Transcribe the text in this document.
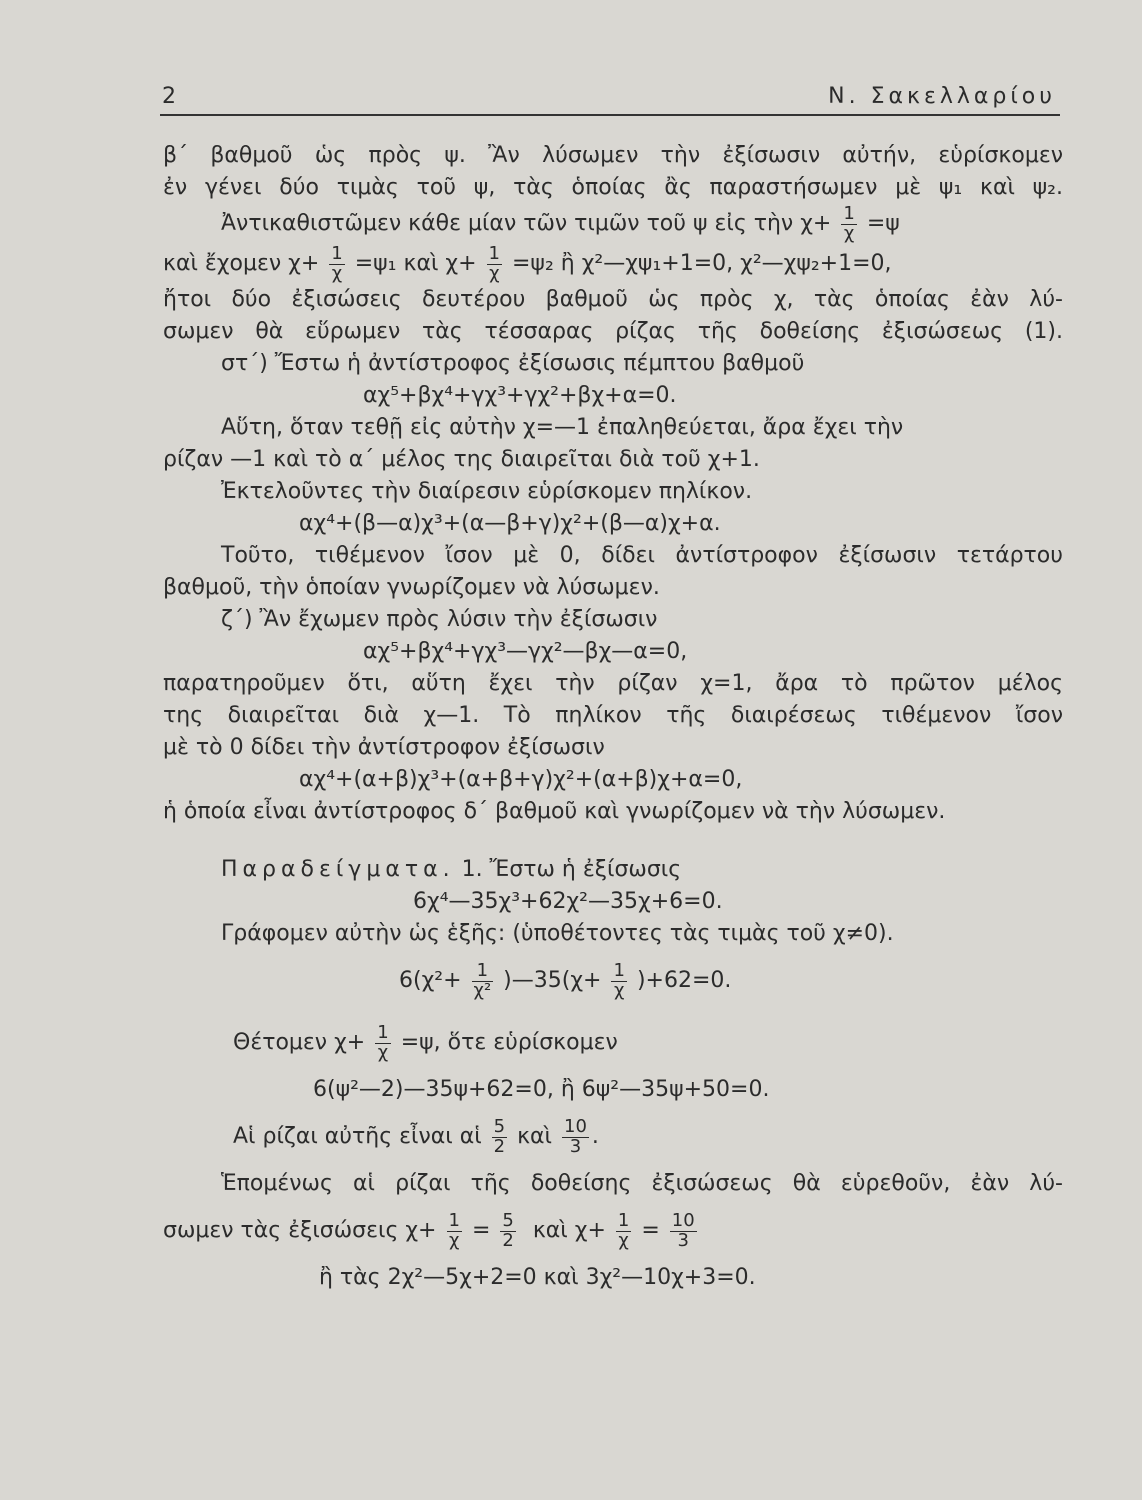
2	Ν. Σακελλαρίου
β΄ βαθμοῦ ὡς πρὸς ψ. Ἂν λύσωμεν τὴν ἐξίσωσιν αὐτήν, εὑρίσκομεν
ἐν γένει δύο τιμὰς τοῦ ψ, τὰς ὁποίας ἂς παραστήσωμεν μὲ ψ₁ καὶ ψ₂.
Ἀντικαθιστῶμεν κάθε μίαν τῶν τιμῶν τοῦ ψ εἰς τὴν $\chi+ \frac{1}{\chi} =\psi$
καὶ ἔχομεν $\chi+ \frac{1}{\chi} =\psi_1$ καὶ $\chi+ \frac{1}{\chi} =\psi_2$ ἢ χ²—χψ₁+1=0, χ²—χψ₂+1=0,
ἤτοι δύο ἐξισώσεις δευτέρου βαθμοῦ ὡς πρὸς χ, τὰς ὁποίας ἐὰν λύ-
σωμεν θὰ εὕρωμεν τὰς τέσσαρας ρίζας τῆς δοθείσης ἐξισώσεως (1).
στ΄) Ἔστω ἡ ἀντίστροφος ἐξίσωσις πέμπτου βαθμοῦ
αχ⁵+βχ⁴+γχ³+γχ²+βχ+α=0.
Αὕτη, ὅταν τεθῇ εἰς αὐτὴν χ=—1 ἐπαληθεύεται, ἄρα ἔχει τὴν
ρίζαν —1 καὶ τὸ α΄ μέλος της διαιρεῖται διὰ τοῦ χ+1.
Ἐκτελοῦντες τὴν διαίρεσιν εὑρίσκομεν πηλίκον.
αχ⁴+(β—α)χ³+(α—β+γ)χ²+(β—α)χ+α.
Τοῦτο, τιθέμενον ἴσον μὲ 0, δίδει ἀντίστροφον ἐξίσωσιν τετάρτου
βαθμοῦ, τὴν ὁποίαν γνωρίζομεν νὰ λύσωμεν.
ζ΄) Ἂν ἔχωμεν πρὸς λύσιν τὴν ἐξίσωσιν
αχ⁵+βχ⁴+γχ³—γχ²—βχ—α=0,
παρατηροῦμεν ὅτι, αὕτη ἔχει τὴν ρίζαν χ=1, ἄρα τὸ πρῶτον μέλος
της διαιρεῖται διὰ χ—1. Τὸ πηλίκον τῆς διαιρέσεως τιθέμενον ἴσον
μὲ τὸ 0 δίδει τὴν ἀντίστροφον ἐξίσωσιν
αχ⁴+(α+β)χ³+(α+β+γ)χ²+(α+β)χ+α=0,
ἡ ὁποία εἶναι ἀντίστροφος δ΄ βαθμοῦ καὶ γνωρίζομεν νὰ τὴν λύσωμεν.
Παραδείγματα. 1. Ἔστω ἡ ἐξίσωσις
6χ⁴—35χ³+62χ²—35χ+6=0.
Γράφομεν αὐτὴν ὡς ἑξῆς: (ὑποθέτοντες τὰς τιμὰς τοῦ χ≠0).
$6(\chi^2+ \frac{1}{\text{χ²}}$ )—35(χ+ $\frac{1}{\chi} )+62=0$.
Θέτομεν $\chi+ \frac{1}{\chi} =\psi$, ὅτε εὑρίσκομεν
6(ψ²—2)—35ψ+62=0, ἢ 6ψ²—35ψ+50=0.
Αἱ ρίζαι αὐτῆς εἶναι αἱ $\frac{5}{2}$ καὶ $\frac{10}{3}$ .
Ἑπομένως αἱ ρίζαι τῆς δοθείσης ἐξισώσεως θὰ εὑρεθοῦν, ἐὰν λύ-
σωμεν τὰς ἐξισώσεις $\chi+ \frac{1}{\chi} = \frac{5}{2}$ καὶ $\chi+ \frac{1}{\chi} = \frac{10}{3}$
ἢ τὰς 2χ²—5χ+2=0 καὶ 3χ²—10χ+3=0.
